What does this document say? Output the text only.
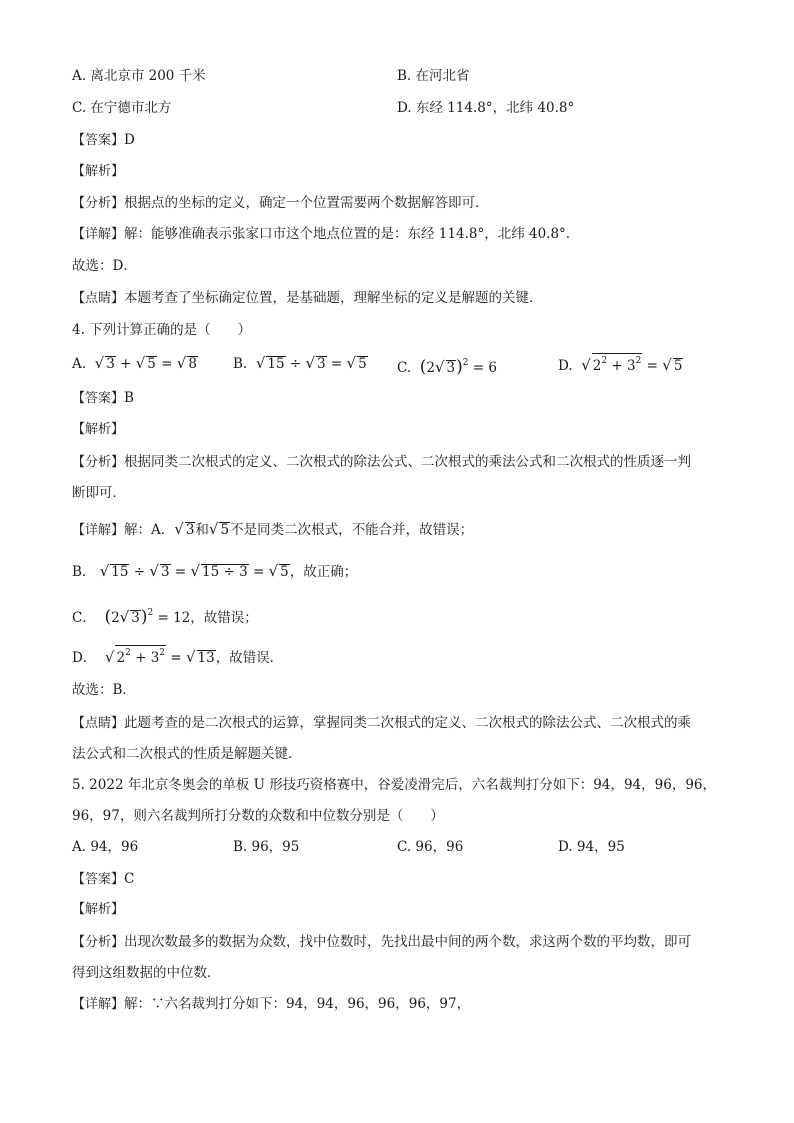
A. 离北京市 200 千米	B. 在河北省
C. 在宁德市北方	D. 东经 114.8°，北纬 40.8°
【答案】D
【解析】
【分析】根据点的坐标的定义，确定一个位置需要两个数据解答即可．
【详解】解：能够准确表示张家口市这个地点位置的是：东经 114.8°，北纬 40.8°．
故选：D．
【点睛】本题考查了坐标确定位置，是基础题，理解坐标的定义是解题的关键．
4. 下列计算正确的是（　　）
A. √ 3 + √ 5 = √ 8	B. √ 15 ÷ √ 3 = √ 5 C. (2√ 3)$^2$ = 6	D. √ $2^2 + 3^2$ = √ 5
【答案】B
【解析】
【分析】根据同类二次根式的定义、二次根式的除法公式、二次根式的乘法公式和二次根式的性质逐一判
断即可．
【详解】解：A．√ 3和√ 5不是同类二次根式，不能合并，故错误；
B． √ 15 ÷ √ 3 = √ 15 ÷ 3 = √ 5，故正确；
C． (2√ 3)$^2$ = 12，故错误；
D． √ $2^2 + 3^2$ = √ 13，故错误．
故选：B．
【点睛】此题考查的是二次根式的运算，掌握同类二次根式的定义、二次根式的除法公式、二次根式的乘
法公式和二次根式的性质是解题关键．
5. 2022 年北京冬奥会的单板 U 形技巧资格赛中，谷爱凌滑完后，六名裁判打分如下：94，94，96，96，
96，97，则六名裁判所打分数的众数和中位数分别是（　　）
A. 94，96	B. 96，95	C. 96，96	D. 94，95
【答案】C
【解析】
【分析】出现次数最多的数据为众数，找中位数时，先找出最中间的两个数，求这两个数的平均数，即可
得到这组数据的中位数．
【详解】解：∵六名裁判打分如下：94，94，96，96，96，97，
